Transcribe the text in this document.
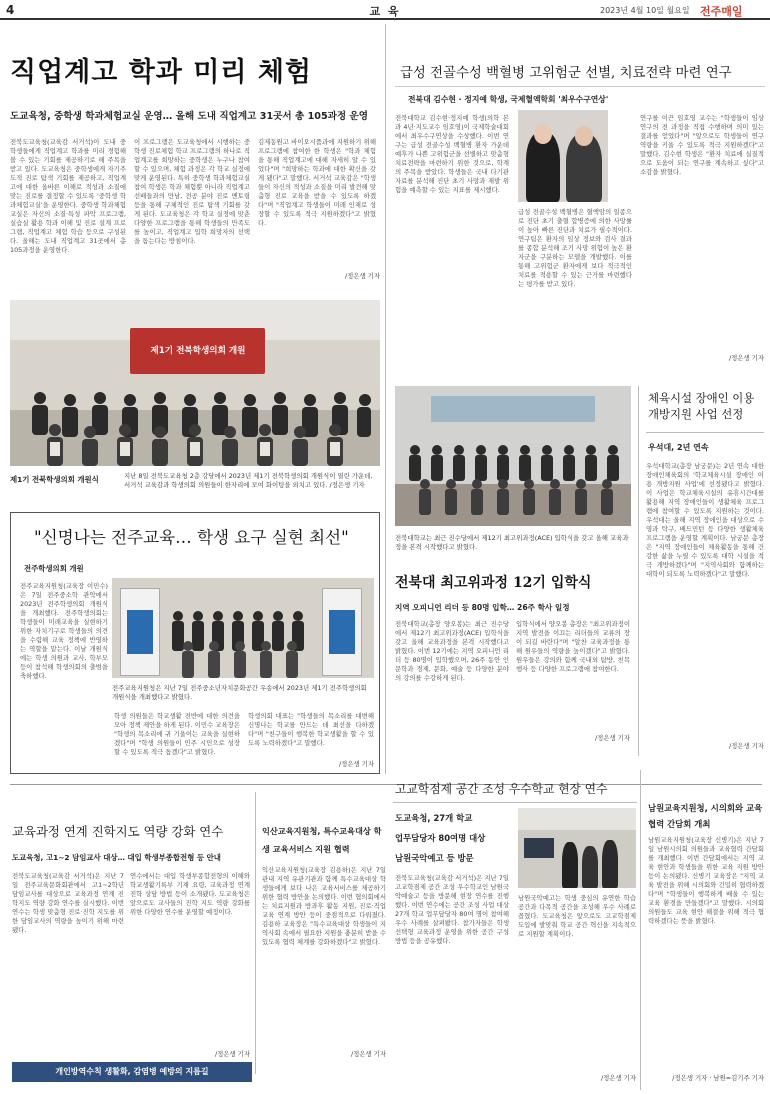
4	교 육	2023년 4월 10일 월요일 전주매일
직업계고 학과 미리 체험
도교육청, 중학생 학과체험교실 운영… 올해 도내 직업계고 31곳서 총 105과정 운영
전북도교육청(교육감 서거석)이 도내 중학생들에게 직업계고 학과를 미리 경험해 볼 수 있는 기회를 제공하기로 해 주목을 받고 있다. 도교육청은 중학생에게 자기주도적 진로 탐색 기회를 제공하고, 직업계고에 대한 올바른 이해로 적성과 소질에 맞는 진로를 결정할 수 있도록 '중학생 학과체험교실'을 운영한다. 중학생 학과체험교실은 자신의 소질·특성 파악 프로그램, 실습실 활용 학과 이해 및 진로 설계 프로그램, 직업계고 체험 학습 등으로 구성된다. 올해는 도내 직업계고 31곳에서 총 105과정을 운영한다.
이 프로그램은 도교육청에서 시행하는 중학생 진로체험 학교 프로그램의 하나로 직업계고를 희망하는 중학생은 누구나 참여할 수 있으며, 체험 과정은 각 학교 실정에 맞게 운영된다. 특히 중학생 학과체험교실 참여 학생은 학과 체험뿐 아니라 직업계고 선배들과의 만남, 전공 분야 진로 멘토링 등을 통해 구체적인 진로 탐색 기회를 갖게 된다. 도교육청은 각 학교 실정에 맞춘 다양한 프로그램을 통해 학생들의 만족도를 높이고, 직업계고 입학 희망자의 선택을 돕는다는 방침이다.
김제동원고 바이오시품과에 지원하기 위해 프로그램에 참여한 한 학생은 "학과 체험을 통해 직업계고에 대해 자세히 알 수 있었다"며 "희망하는 학과에 대한 확신을 갖게 됐다"고 말했다. 서거석 교육감은 "학생들이 자신의 적성과 소질을 미리 발견해 맞춤형 진로 교육을 받을 수 있도록 하겠다"며 "직업계고 학생들이 미래 인재로 성장할 수 있도록 적극 지원하겠다"고 밝혔다.
/정은생 기자
제1기 전북학생의회 개원
제1기 전북학생의회 개원식	지난 8일 전북도교육청 2층 강당에서 2023년 제1기 전북학생의회 개원식이 열린 가운데, 서거석 교육감과 학생의회 의원들이 한자리에 모여 화이팅을 외치고 있다. /정은생 기자
급성 전골수성 백혈병 고위험군 선별, 치료전략 마련 연구
전북대 김수현 · 정지예 학생, 국제혈액학회 '최우수구연상'
전북대학교 김수현·정지예 학생(의학 본과 4년·지도교수 임호영)이 국제학술대회에서 최우수구연상을 수상했다. 이번 연구는 급성 전골수성 백혈병 환자 가운데 예후가 나쁜 고위험군을 선별하고 맞춤형 치료전략을 마련하기 위한 것으로, 학계의 주목을 받았다. 학생들은 국내 다기관 자료를 분석해 진단 초기 사망과 재발 위험을 예측할 수 있는 지표를 제시했다.
급성 전골수성 백혈병은 혈액암의 일종으로 진단 초기 출혈 합병증에 의한 사망률이 높아 빠른 진단과 치료가 필수적이다. 연구팀은 환자의 임상 정보와 검사 결과를 종합 분석해 조기 사망 위험이 높은 환자군을 구분하는 모델을 개발했다. 이를 통해 고위험군 환자에게 보다 적극적인 치료를 적용할 수 있는 근거를 마련했다는 평가를 받고 있다.
연구를 이끈 임호영 교수는 "학생들이 임상 연구의 전 과정을 직접 수행하며 의미 있는 결과를 얻었다"며 "앞으로도 학생들이 연구 역량을 키울 수 있도록 적극 지원하겠다"고 말했다. 김수현 학생은 "환자 치료에 실질적으로 도움이 되는 연구를 계속하고 싶다"고 소감을 밝혔다.
/정은생 기자
전북대학교는 최근 진수당에서 제12기 최고위과정(ACE) 입학식을 갖고 올해 교육과정을 본격 시작했다고 밝혔다.
체육시설 장애인 이용 개방지원 사업 선정
우석대, 2년 연속
우석대학교(총장 남궁문)는 2년 연속 대한장애인체육회의 '학교체육시설 장애인 이용 개방지원 사업'에 선정됐다고 밝혔다. 이 사업은 학교체육시설의 유휴시간대를 활용해 지역 장애인들이 생활체육 프로그램에 참여할 수 있도록 지원하는 것이다. 우석대는 올해 지역 장애인을 대상으로 수영과 탁구, 배드민턴 등 다양한 생활체육 프로그램을 운영할 계획이다. 남궁문 총장은 "지역 장애인들이 체육활동을 통해 건강한 삶을 누릴 수 있도록 대학 시설을 적극 개방하겠다"며 "지역사회와 함께하는 대학이 되도록 노력하겠다"고 말했다.
/정은생 기자
전북대 최고위과정 12기 입학식
지역 오피니언 리더 등 80명 입학… 26주 학사 일정
전북대학교(총장 양오봉)는 최근 진수당에서 제12기 최고위과정(ACE) 입학식을 갖고 올해 교육과정을 본격 시작했다고 밝혔다. 이번 12기에는 지역 오피니언 리더 등 80명이 입학했으며, 26주 동안 인문학과 경제, 문화, 예술 등 다양한 분야의 강의를 수강하게 된다.
입학식에서 양오봉 총장은 "최고위과정이 지역 발전을 이끄는 리더들의 교류의 장이 되길 바란다"며 "알찬 교육과정을 통해 원우들의 역량을 높이겠다"고 밝혔다. 원우들은 강의와 함께 국내외 탐방, 친목 행사 등 다양한 프로그램에 참여한다.
/정은생 기자
"신명나는 전주교육… 학생 요구 실현 최선"
전주학생의회 개원
전주교육지원청(교육장 이민수)은 7일 전주중소학 관악에서 2023년 전주학생의회 개원식을 개최했다. 전주학생의회는 학생들이 미래교육을 실현하기 위한 자치기구로 학생들의 의견을 수렴해 교육 정책에 반영하는 역할을 맡는다. 이날 개원식에는 학생 의원과 교사, 학부모 등이 참석해 학생의회의 출범을 축하했다.
전주교육지원청은 지난 7일 전주중소년자치문화공간 우송에서 2023년 제1기 전주학생의회 개원식을 개최했다고 밝혔다.
학생 의원들은 학교생활 전반에 대한 의견을 모아 정책 제안을 하게 된다. 이민수 교육장은 "학생의 목소리에 귀 기울이는 교육을 실현하겠다"며 "학생 의원들이 민주 시민으로 성장할 수 있도록 적극 돕겠다"고 밝혔다.
학생의회 대표는 "학생들의 목소리를 대변해 신명나는 학교를 만드는 데 최선을 다하겠다"며 "친구들이 행복한 학교생활을 할 수 있도록 노력하겠다"고 말했다.
/정은생 기자
고교학점제 공간 조성 우수학교 현장 연수
도교육청, 27개 학교
업무담당자 80여명 대상
남원국악예고 등 방문
전북도교육청(교육감 서거석)은 지난 7일 고교학점제 공간 조성 우수학교인 남원국악예술고 등을 방문해 현장 연수를 진행했다. 이번 연수에는 공간 조성 사업 대상 27개 학교 업무담당자 80여 명이 참여해 우수 사례를 살펴봤다. 참가자들은 학생 선택형 교육과정 운영을 위한 공간 구성 방법 등을 공유했다.
남원국악예고는 학생 중심의 유연한 학습 공간과 다목적 공간을 조성해 우수 사례로 꼽혔다. 도교육청은 앞으로도 고교학점제 도입에 발맞춰 학교 공간 혁신을 지속적으로 지원할 계획이다.
/정은생 기자
남원교육지원청, 시의회와 교육협력 간담회 개최
남원교육지원청(교육장 신병기)은 지난 7일 남원시의회 의원들과 교육협력 간담회를 개최했다. 이번 간담회에서는 지역 교육 현안과 학생들을 위한 교육 지원 방안 등이 논의됐다. 신병기 교육장은 "지역 교육 발전을 위해 시의회와 긴밀히 협력하겠다"며 "학생들이 행복하게 배울 수 있는 교육 환경을 만들겠다"고 말했다. 시의회 의원들도 교육 현안 해결을 위해 적극 협력하겠다는 뜻을 밝혔다.
/정은생 기자 · 남원=김기주 기자
교육과정 연계 진학지도 역량 강화 연수
도교육청, 고1~2 담임교사 대상… 대입 학생부종합전형 등 안내
전북도교육청(교육감 서거석)은 지난 7일 전주교육문화회관에서 고1~2학년 담임교사를 대상으로 교육과정 연계 진학지도 역량 강화 연수를 실시했다. 이번 연수는 학생 맞춤형 진로·진학 지도를 위한 담임교사의 역량을 높이기 위해 마련됐다.
연수에서는 대입 학생부종합전형의 이해와 학교생활기록부 기재 요령, 교육과정 연계 진학 상담 방법 등이 소개됐다. 도교육청은 앞으로도 교사들의 진학 지도 역량 강화를 위한 다양한 연수를 운영할 예정이다.
/정은생 기자
익산교육지원청, 특수교육대상 학생 교육서비스 지원 협력
익산교육지원청(교육장 김용하)은 지난 7일 관내 지역 유관기관과 함께 특수교육대상 학생들에게 보다 나은 교육서비스를 제공하기 위한 협력 방안을 논의했다. 이번 협의회에서는 치료지원과 방과후 활동 지원, 진로·직업 교육 연계 방안 등이 중점적으로 다뤄졌다. 김용하 교육장은 "특수교육대상 학생들이 지역사회 속에서 필요한 지원을 충분히 받을 수 있도록 협력 체계를 강화하겠다"고 밝혔다.
/정은생 기자
개인방역수칙 생활화, 감염병 예방의 지름길
